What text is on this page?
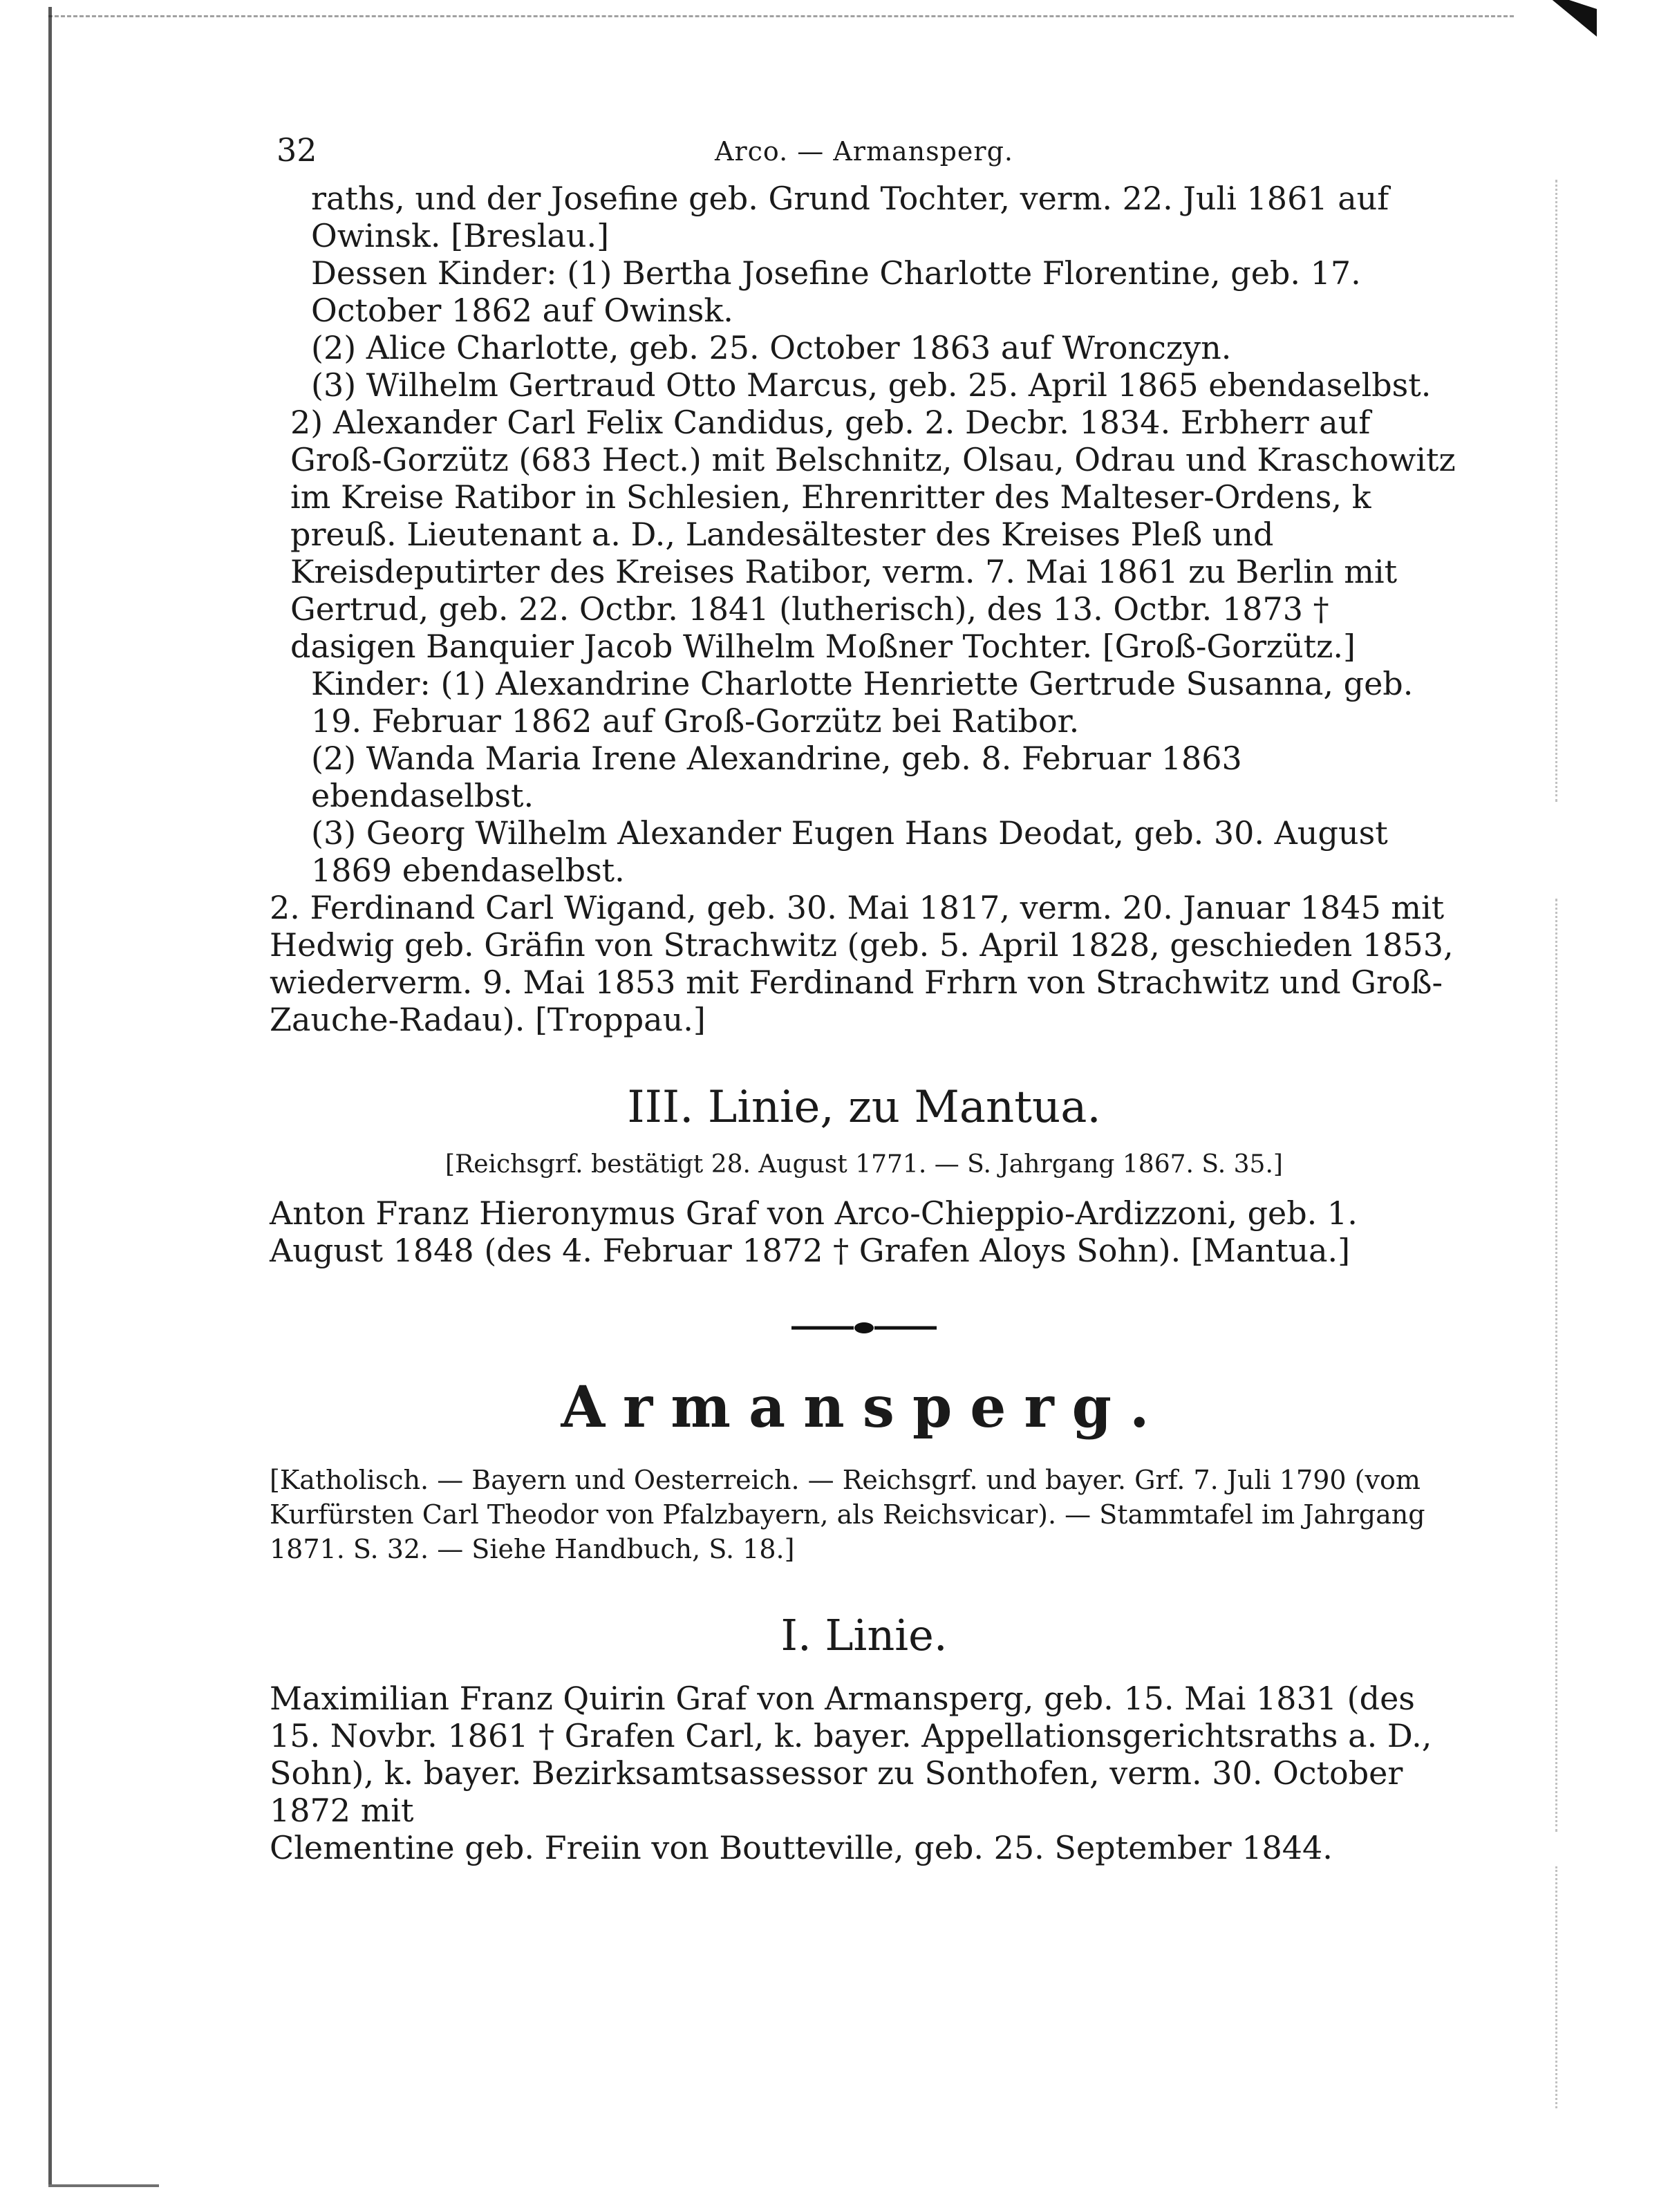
32	Arco. — Armansperg.

raths, und der Josefine geb. Grund Tochter, verm. 22. Juli 1861 auf Owinsk. [Breslau.]

Dessen Kinder: (1) Bertha Josefine Charlotte Florentine, geb. 17. October 1862 auf Owinsk.

(2) Alice Charlotte, geb. 25. October 1863 auf Wronczyn.

(3) Wilhelm Gertraud Otto Marcus, geb. 25. April 1865 ebendaselbst.

2) Alexander Carl Felix Candidus, geb. 2. Decbr. 1834. Erbherr auf Groß-Gorzütz (683 Hect.) mit Belschnitz, Olsau, Odrau und Kraschowitz im Kreise Ratibor in Schlesien, Ehrenritter des Malteser-Ordens, k preuß. Lieutenant a. D., Landesältester des Kreises Pleß und Kreisdeputirter des Kreises Ratibor, verm. 7. Mai 1861 zu Berlin mit

Gertrud, geb. 22. Octbr. 1841 (lutherisch), des 13. Octbr. 1873 † dasigen Banquier Jacob Wilhelm Moßner Tochter. [Groß-Gorzütz.]

Kinder: (1) Alexandrine Charlotte Henriette Gertrude Susanna, geb. 19. Februar 1862 auf Groß-Gorzütz bei Ratibor.

(2) Wanda Maria Irene Alexandrine, geb. 8. Februar 1863 ebendaselbst.

(3) Georg Wilhelm Alexander Eugen Hans Deodat, geb. 30. August 1869 ebendaselbst.

2. Ferdinand Carl Wigand, geb. 30. Mai 1817, verm. 20. Januar 1845 mit Hedwig geb. Gräfin von Strachwitz (geb. 5. April 1828, geschieden 1853, wiederverm. 9. Mai 1853 mit Ferdinand Frhrn von Strachwitz und Groß-Zauche-Radau). [Troppau.]

III. Linie, zu Mantua.

[Reichsgrf. bestätigt 28. August 1771. — S. Jahrgang 1867. S. 35.]

Anton Franz Hieronymus Graf von Arco-Chieppio-Ardizzoni, geb. 1. August 1848 (des 4. Februar 1872 † Grafen Aloys Sohn). [Mantua.]

Armansperg.

[Katholisch. — Bayern und Oesterreich. — Reichsgrf. und bayer. Grf. 7. Juli 1790 (vom Kurfürsten Carl Theodor von Pfalzbayern, als Reichsvicar). — Stammtafel im Jahrgang 1871. S. 32. — Siehe Handbuch, S. 18.]

I. Linie.

Maximilian Franz Quirin Graf von Armansperg, geb. 15. Mai 1831 (des 15. Novbr. 1861 † Grafen Carl, k. bayer. Appellationsgerichtsraths a. D., Sohn), k. bayer. Bezirksamtsassessor zu Sonthofen, verm. 30. October 1872 mit

Clementine geb. Freiin von Boutteville, geb. 25. September 1844.
